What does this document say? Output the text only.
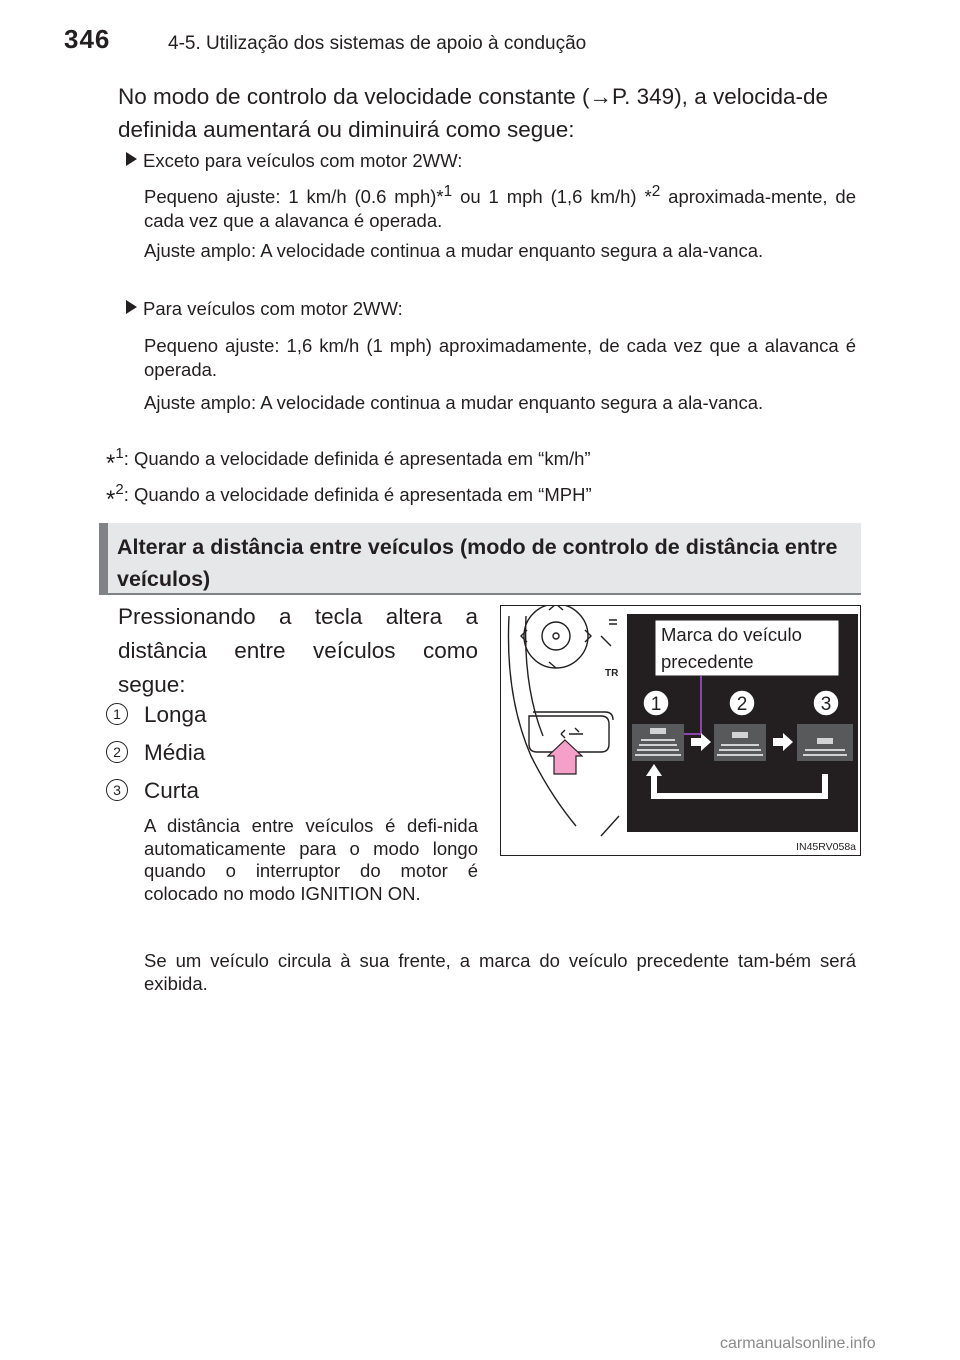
346	4-5. Utilização dos sistemas de apoio à condução
No modo de controlo da velocidade constante (→P. 349), a velocida-de definida aumentará ou diminuirá como segue:
Exceto para veículos com motor 2WW:
Pequeno ajuste: 1 km/h (0.6 mph)*$^1$ ou 1 mph (1,6 km/h) *$^2$ aproximada-mente, de cada vez que a alavanca é operada.
Ajuste amplo: A velocidade continua a mudar enquanto segura a ala-vanca.
Para veículos com motor 2WW:
Pequeno ajuste: 1,6 km/h (1 mph) aproximadamente, de cada vez que a alavanca é operada.
Ajuste amplo: A velocidade continua a mudar enquanto segura a ala-vanca.
*$^1$: Quando a velocidade definida é apresentada em “km/h”
*$^2$: Quando a velocidade definida é apresentada em “MPH”
Alterar a distância entre veículos (modo de controlo de distância entre veículos)
Pressionando a tecla altera a distância entre veículos como segue:
1 Longa
2 Média
3 Curta
A distância entre veículos é defi-nida automaticamente para o modo longo quando o interruptor do motor é colocado no modo IGNITION ON.
Se um veículo circula à sua frente, a marca do veículo precedente tam-bém será exibida.
TR
Marca do veículo
precedente
1	2	3
IN45RV058a
carmanualsonline.info
